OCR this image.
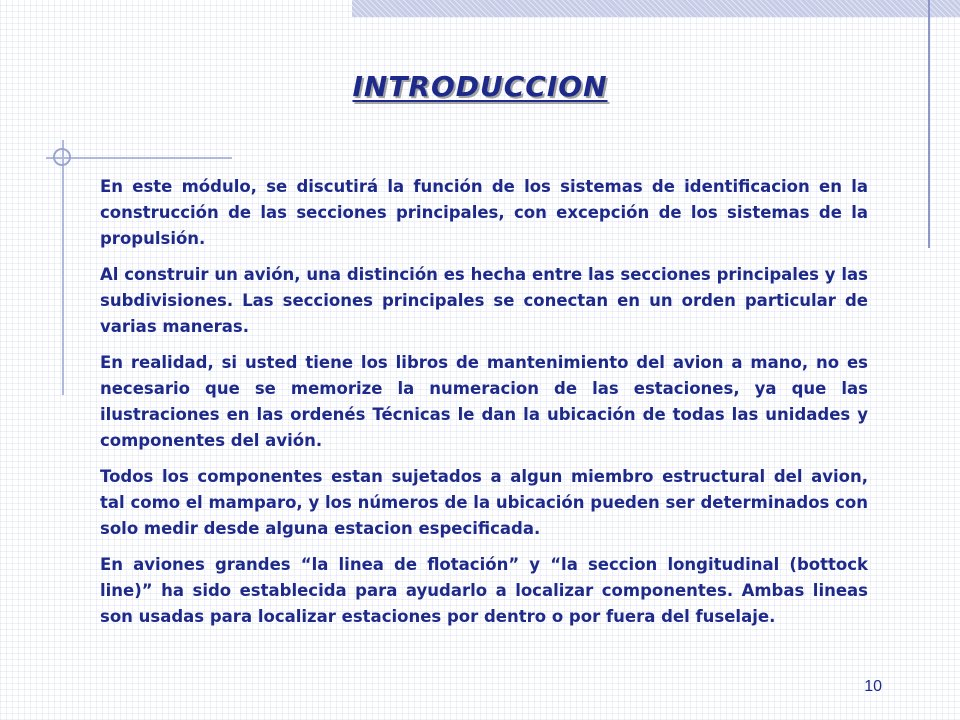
INTRODUCCION

En este módulo, se discutirá la función de los sistemas de identificacion en la construcción de las secciones principales, con excepción de los sistemas de la propulsión.

Al construir un avión, una distinción es hecha entre las secciones principales y las subdivisiones. Las secciones principales se conectan en un orden particular de varias maneras.

En realidad, si usted tiene los libros de mantenimiento del avion a mano, no es necesario que se memorize la numeracion de las estaciones, ya que las ilustraciones en las ordenés Técnicas le dan la ubicación de todas las unidades y componentes del avión.

Todos los componentes estan sujetados a algun miembro estructural del avion, tal como el mamparo, y los números de la ubicación pueden ser determinados con solo medir desde alguna estacion especificada.

En aviones grandes “la linea de flotación” y “la seccion longitudinal (bottock line)” ha sido establecida para ayudarlo a localizar componentes. Ambas lineas son usadas para localizar estaciones por dentro o por fuera del fuselaje.

10
